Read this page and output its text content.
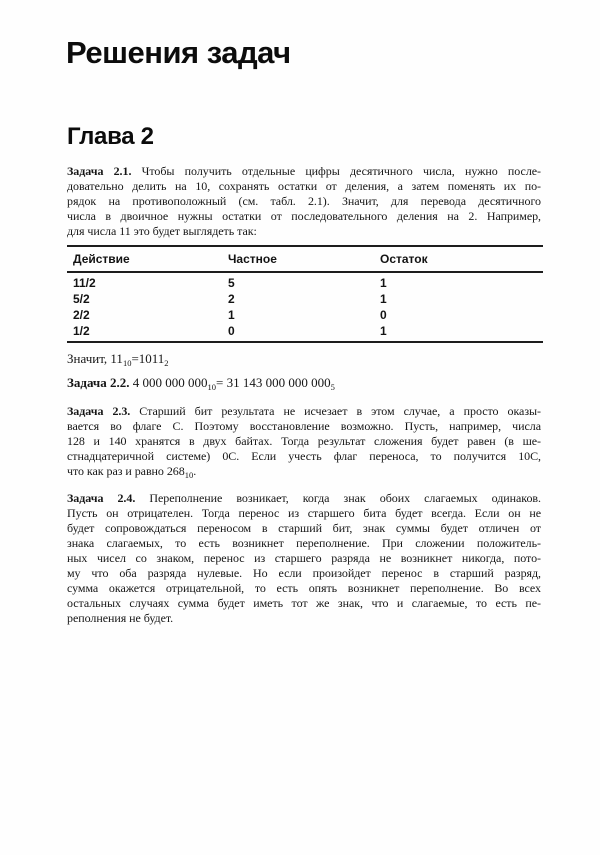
Решения задач
Глава 2
Задача 2.1. Чтобы получить отдельные цифры десятичного числа, нужно после-
довательно делить на 10, сохранять остатки от деления, а затем поменять их по-
рядок на противоположный (см. табл. 2.1). Значит, для перевода десятичного
числа в двоичное нужны остатки от последовательного деления на 2. Например,
для числа 11 это будет выглядеть так:
Действие	Частное	Остаток
11/2	5	1
5/2	2	1
2/2	1	0
1/2	0	1
Значит, $11_{10}=1011_2$
Задача 2.2. 4 000 000 $000_{10}= 31$ 143 000 000 $000_5$
Задача 2.3. Старший бит результата не исчезает в этом случае, а просто оказы-
вается во флаге С. Поэтому восстановление возможно. Пусть, например, числа
128 и 140 хранятся в двух байтах. Тогда результат сложения будет равен (в ше-
стнадцатеричной системе) 0С. Если учесть флаг переноса, то получится 10С,
что как раз и равно $268_{10}$.
Задача 2.4. Переполнение возникает, когда знак обоих слагаемых одинаков.
Пусть он отрицателен. Тогда перенос из старшего бита будет всегда. Если он не
будет сопровождаться переносом в старший бит, знак суммы будет отличен от
знака слагаемых, то есть возникнет переполнение. При сложении положитель-
ных чисел со знаком, перенос из старшего разряда не возникнет никогда, пото-
му что оба разряда нулевые. Но если произойдет перенос в старший разряд,
сумма окажется отрицательной, то есть опять возникнет переполнение. Во всех
остальных случаях сумма будет иметь тот же знак, что и слагаемые, то есть пе-
реполнения не будет.
